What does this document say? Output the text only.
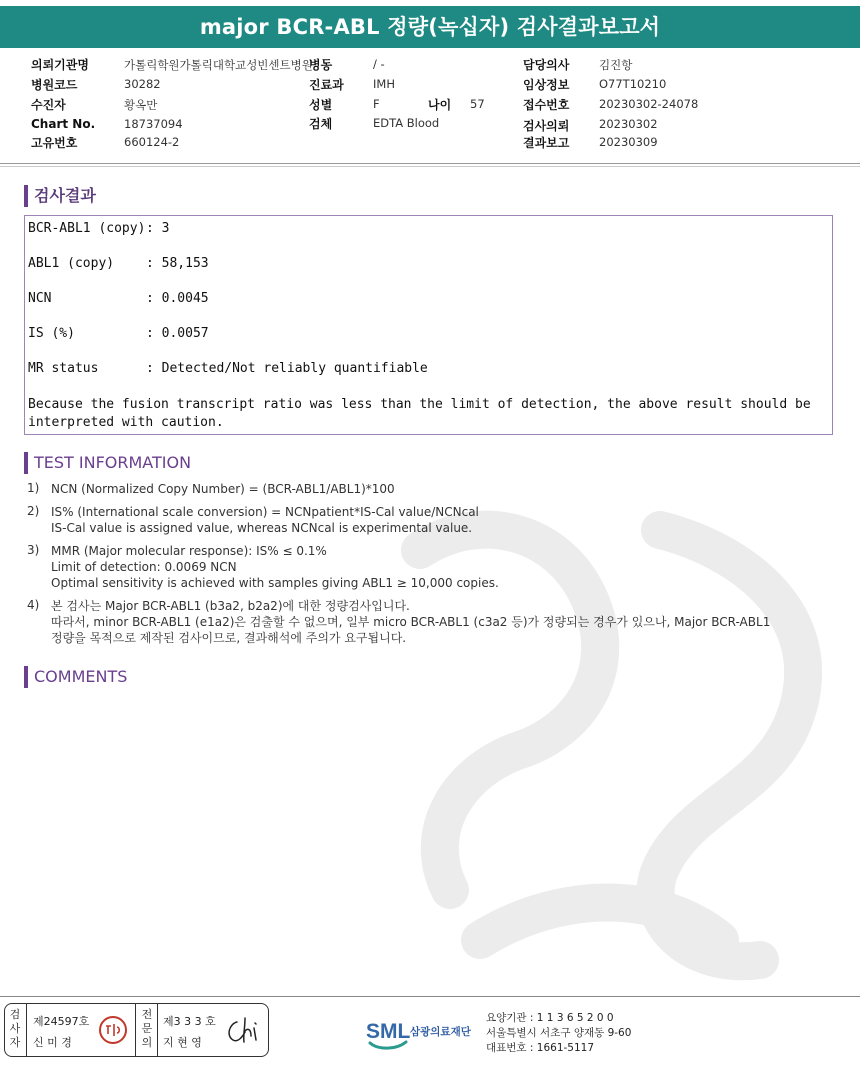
major BCR-ABL 정량(녹십자) 검사결과보고서
의뢰기관명	가톨릭학원가톨릭대학교성빈센트병원
병동	/ -	담당의사	김진항
병원코드	30282	진료과	IMH	임상정보	O77T10210
수진자	황옥만	성별	F	나이 57	접수번호	20230302-24078
Chart No.	18737094	검체	EDTA Blood	검사의뢰	20230302
고유번호	660124-2	결과보고	20230309
검사결과
BCR-ABL1 (copy): 3
ABL1 (copy) : 58,153
NCN	: 0.0045
IS (%)	: 0.0057
MR status	: Detected/Not reliably quantifiable
Because the fusion transcript ratio was less than the limit of detection, the above result should be
interpreted with caution.
TEST INFORMATION
1) NCN (Normalized Copy Number) = (BCR-ABL1/ABL1)*100
2) IS% (International scale conversion) = NCNpatient*IS-Cal value/NCNcal
IS-Cal value is assigned value, whereas NCNcal is experimental value.
3) MMR (Major molecular response): IS% ≤ 0.1%
Limit of detection: 0.0069 NCN
Optimal sensitivity is achieved with samples giving ABL1 ≥ 10,000 copies.
4) 본 검사는 Major BCR-ABL1 (b3a2, b2a2)에 대한 정량검사입니다.
따라서, minor BCR-ABL1 (e1a2)은 검출할 수 없으며, 일부 micro BCR-ABL1 (c3a2 등)가 정량되는 경우가 있으나, Major BCR-ABL1
정량을 목적으로 제작된 검사이므로, 결과해석에 주의가 요구됩니다.
COMMENTS
검사자
제24597호
신 미 경
전문의
제3 3 3 호
지 현 영	SML 삼광의료재단
요양기관 : 1 1 3 6 5 2 0 0
서울특별시 서초구 양재동 9-60
대표번호 : 1661-5117
